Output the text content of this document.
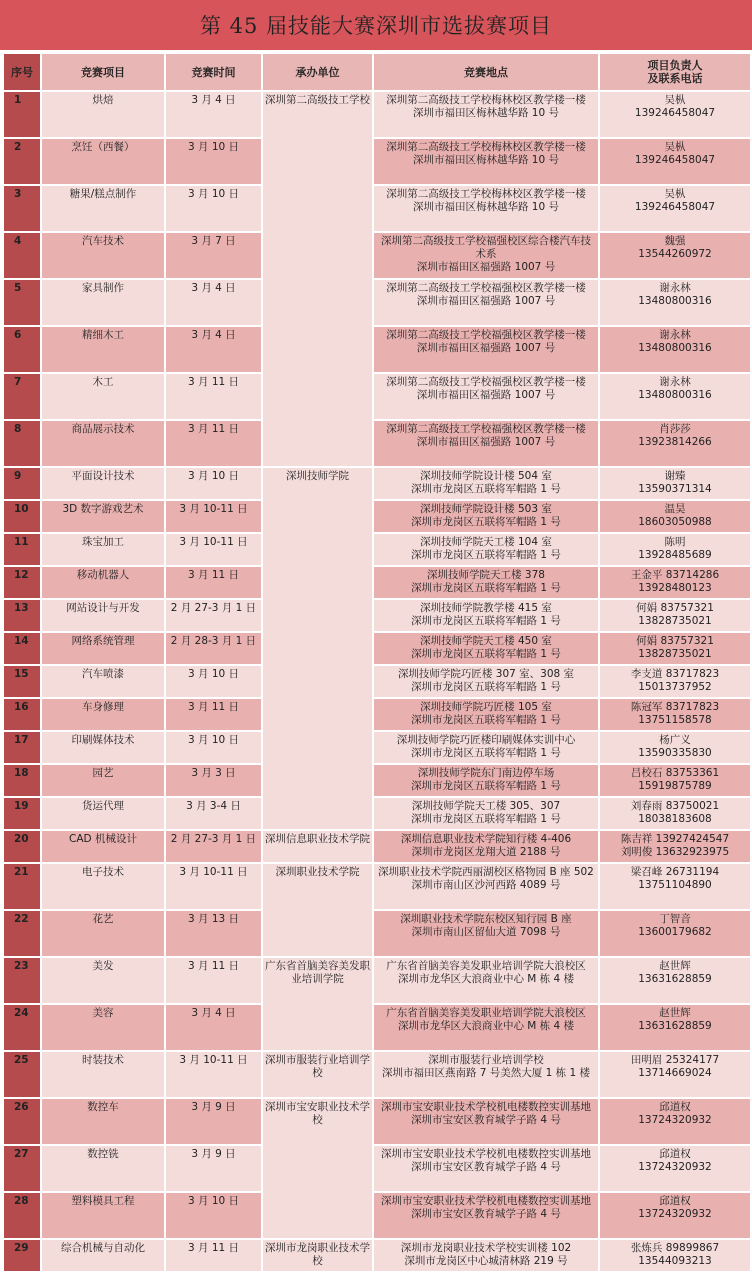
第 45 届技能大赛深圳市选拔赛项目
序号	竞赛项目	竞赛时间	承办单位	竞赛地点	项目负责人
及联系电话

1	烘焙	3 月 4 日	深圳第二高级技工学校	深圳第二高级技工学校梅林校区教学楼一楼
深圳市福田区梅林越华路 10 号	吴枞
13924645804​7

2	烹饪（西餐）	3 月 10 日		深圳第二高级技工学校梅林校区教学楼一楼
深圳市福田区梅林越华路 10 号	吴枞
13924645804​7

3	糖果/糕点制作	3 月 10 日		深圳第二高级技工学校梅林校区教学楼一楼
深圳市福田区梅林越华路 10 号	吴枞
13924645804​7

4	汽车技术	3 月 7 日		深圳第二高级技工学校福强校区综合楼汽车技术系
深圳市福田区福强路 1007 号	魏强
13544260972

5	家具制作	3 月 4 日		深圳第二高级技工学校福强校区教学楼一楼
深圳市福田区福强路 1007 号	谢永林
13480800316

6	精细木工	3 月 4 日		深圳第二高级技工学校福强校区教学楼一楼
深圳市福田区福强路 1007 号	谢永林
13480800316

7	木工	3 月 11 日		深圳第二高级技工学校福强校区教学楼一楼
深圳市福田区福强路 1007 号	谢永林
13480800316

8	商品展示技术	3 月 11 日		深圳第二高级技工学校福强校区教学楼一楼
深圳市福田区福强路 1007 号	肖莎莎
13923814266

9	平面设计技术	3 月 10 日	深圳技师学院	深圳技师学院设计楼 504 室
深圳市龙岗区五联将军帽路 1 号	谢臻
13590371314

10	3D 数字游戏艺术	3 月 10-11 日		深圳技师学院设计楼 503 室
深圳市龙岗区五联将军帽路 1 号	温昊
18603050988

11	珠宝加工	3 月 10-11 日		深圳技师学院天工楼 104 室
深圳市龙岗区五联将军帽路 1 号	陈明
13928485689

12	移动机器人	3 月 11 日		深圳技师学院天工楼 378
深圳市龙岗区五联将军帽路 1 号	王金平 83714286
13928480123

13	网站设计与开发	2 月 27-3 月 1 日		深圳技师学院教学楼 415 室
深圳市龙岗区五联将军帽路 1 号	何娟 83757321
13828735021

14	网络系统管理	2 月 28-3 月 1 日		深圳技师学院天工楼 450 室
深圳市龙岗区五联将军帽路 1 号	何娟 83757321
13828735021

15	汽车喷漆	3 月 10 日		深圳技师学院巧匠楼 307 室、308 室
深圳市龙岗区五联将军帽路 1 号	李支道 83717823
15013737952

16	车身修理	3 月 11 日		深圳技师学院巧匠楼 105 室
深圳市龙岗区五联将军帽路 1 号	陈冠军 83717823
13751158578

17	印刷媒体技术	3 月 10 日		深圳技师学院巧匠楼印刷媒体实训中心
深圳市龙岗区五联将军帽路 1 号	杨广义
13590335830

18	园艺	3 月 3 日		深圳技师学院东门南边停车场
深圳市龙岗区五联将军帽路 1 号	吕校石 83753361
15919875789

19	货运代理	3 月 3-4 日		深圳技师学院天工楼 305、307
深圳市龙岗区五联将军帽路 1 号	刘春雨 83750021
18038183608

20	CAD 机械设计	2 月 27-3 月 1 日	深圳信息职业技术学院	深圳信息职业技术学院知行楼 4-406
深圳市龙岗区龙翔大道 2188 号	陈吉祥 13927424547
刘明俊 13632923975

21	电子技术	3 月 10-11 日	深圳职业技术学院	深圳职业技术学院西丽湖校区格物园 B 座 502
深圳市南山区沙河西路 4089 号	梁召峰 26731194
13751104890

22	花艺	3 月 13 日		深圳职业技术学院东校区知行园 B 座
深圳市南山区留仙大道 7098 号	丁智音
13600179682

23	美发	3 月 11 日	广东省首脑美容美发职业培训学院	广东省首脑美容美发职业培训学院大浪校区
深圳市龙华区大浪商业中心 M 栋 4 楼	赵世辉
13631628859

24	美容	3 月 4 日		广东省首脑美容美发职业培训学院大浪校区
深圳市龙华区大浪商业中心 M 栋 4 楼	赵世辉
13631628859

25	时装技术	3 月 10-11 日	深圳市服装行业培训学校	深圳市服装行业培训学校
深圳市福田区燕南路 7 号美然大厦 1 栋 1 楼	田明眉 25324177
13714669024

26	数控车	3 月 9 日	深圳市宝安职业技术学校	深圳市宝安职业技术学校机电楼数控实训基地
深圳市宝安区教育城学子路 4 号	邱道权
13724320932

27	数控铣	3 月 9 日		深圳市宝安职业技术学校机电楼数控实训基地
深圳市宝安区教育城学子路 4 号	邱道权
13724320932

28	塑料模具工程	3 月 10 日		深圳市宝安职业技术学校机电楼数控实训基地
深圳市宝安区教育城学子路 4 号	邱道权
13724320932

29	综合机械与自动化	3 月 11 日	深圳市龙岗职业技术学校	深圳市龙岗职业技术学校实训楼 102
深圳市龙岗区中心城清林路 219 号	张炼兵 89899867
13544093213
